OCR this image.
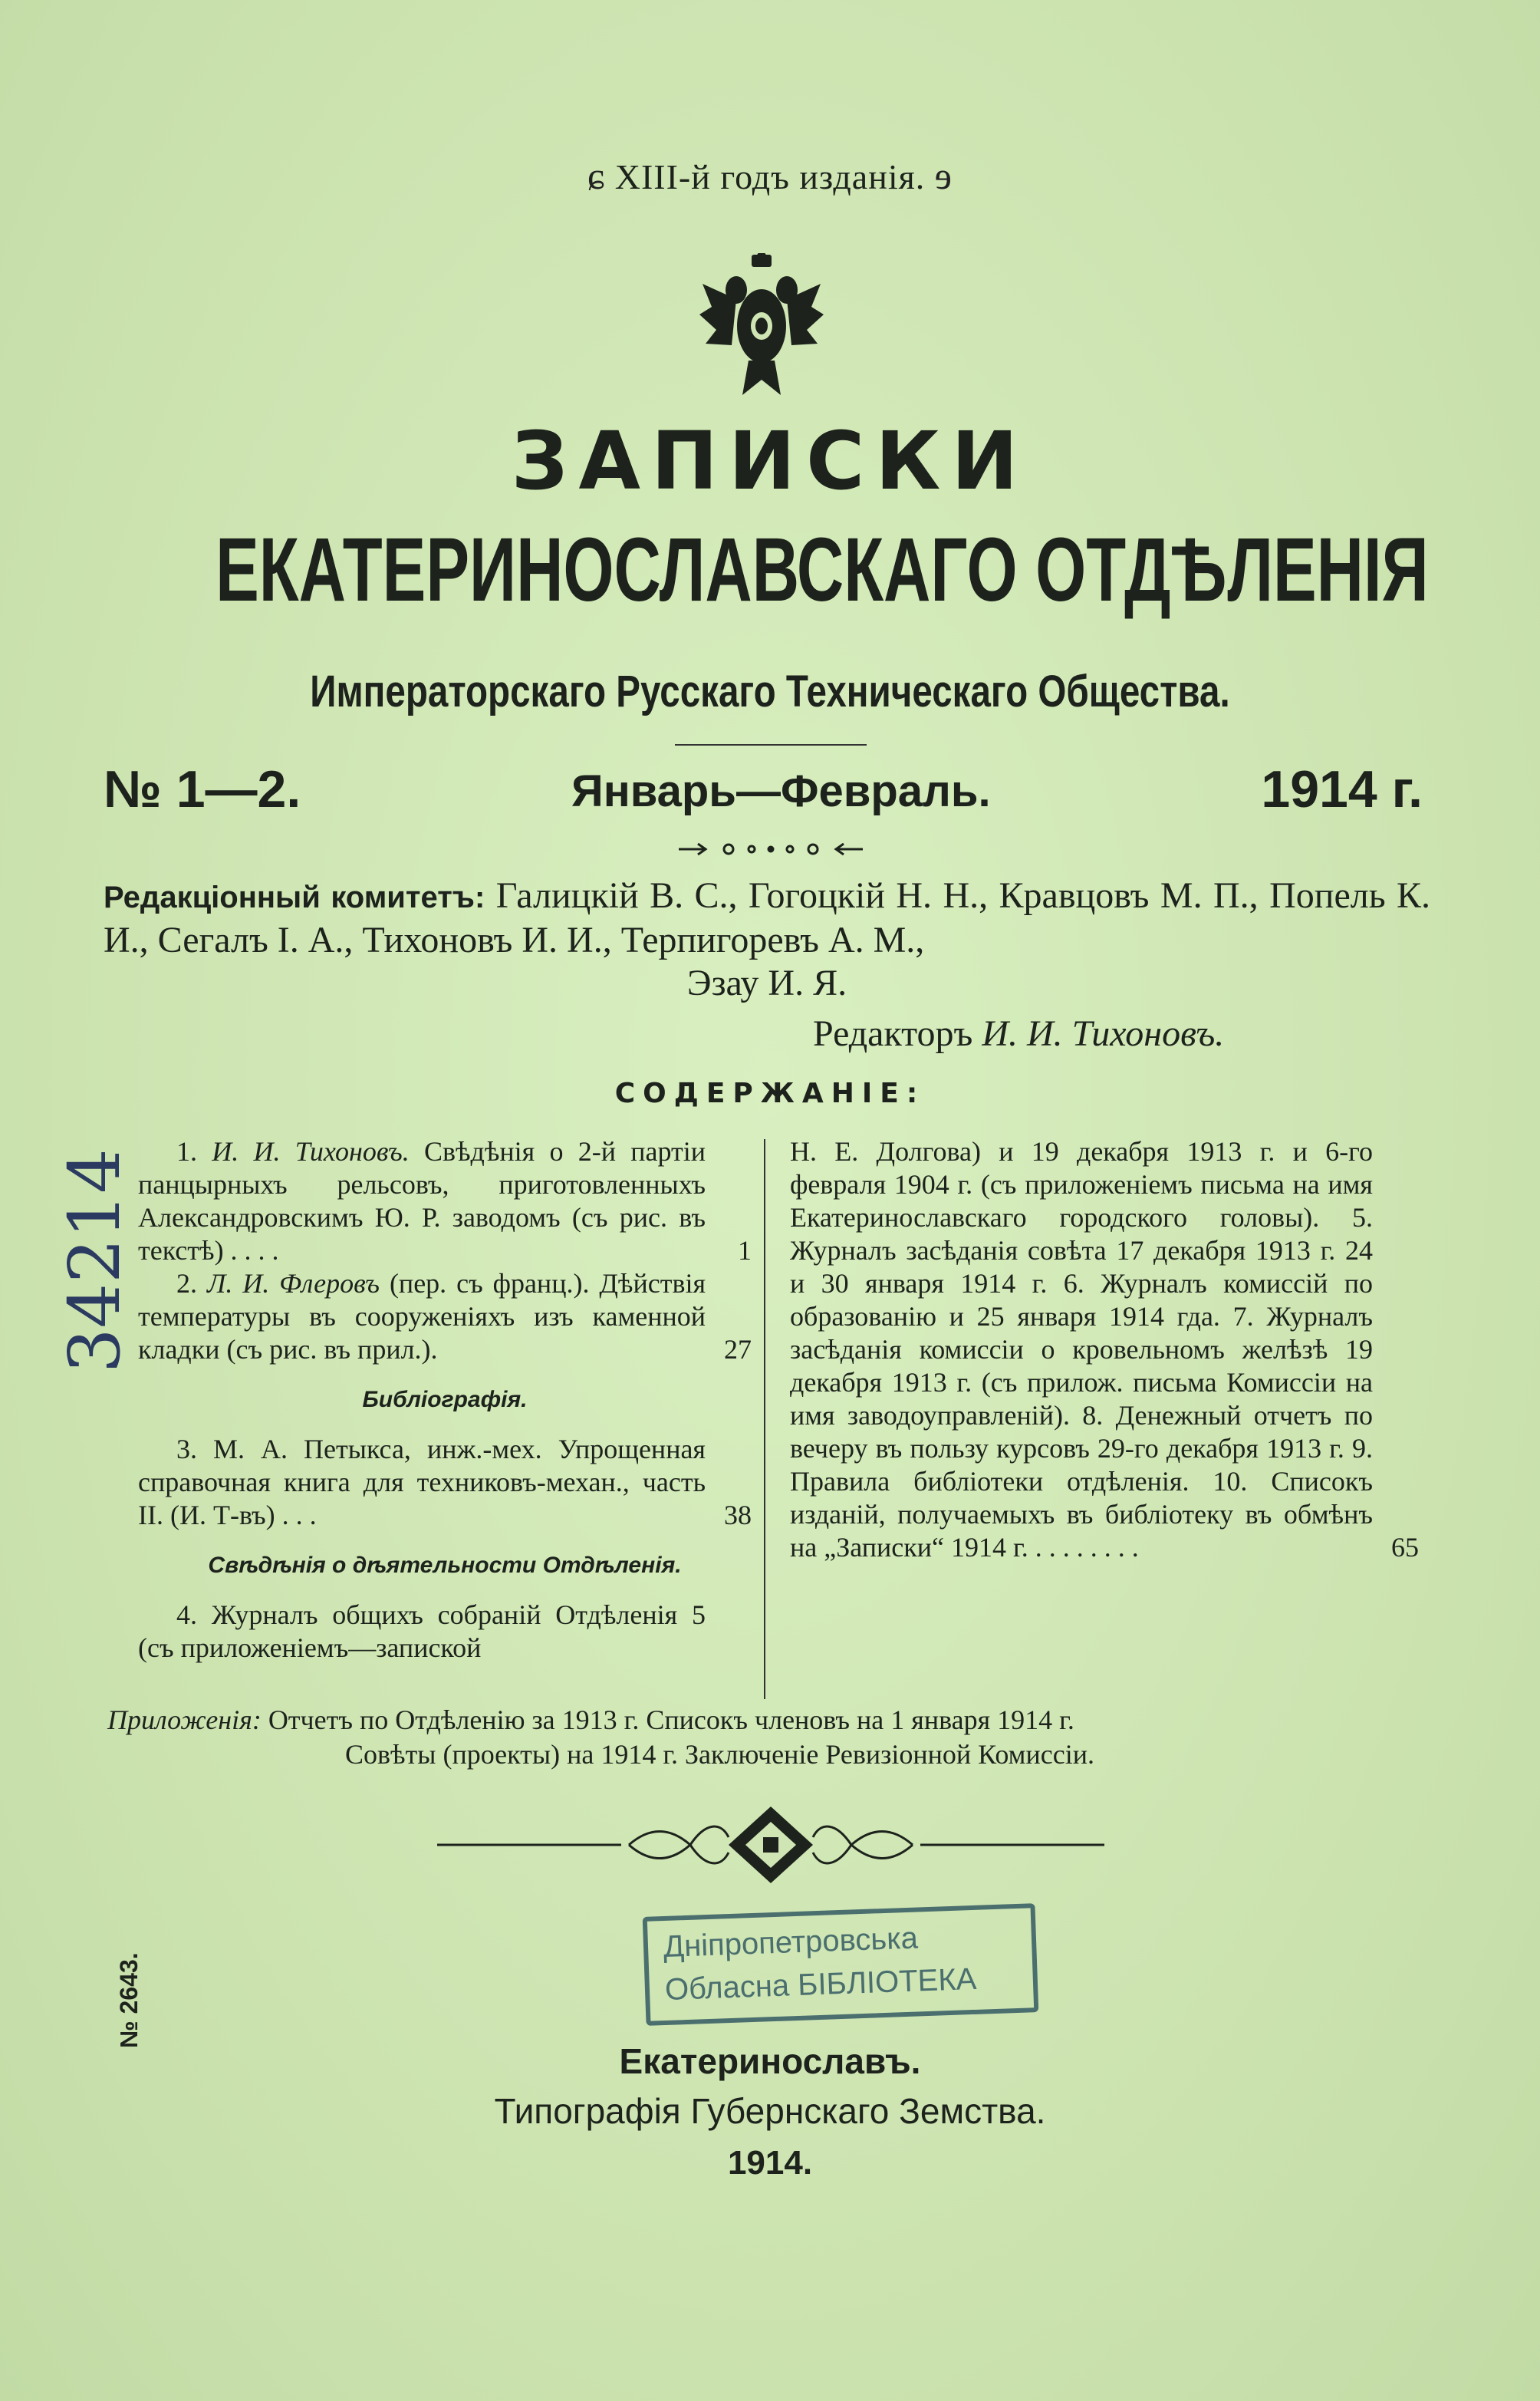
ɕ XIII-й годъ изданія. ɘ
ЗАПИСКИ
ЕКАТЕРИНОСЛАВСКАГО ОТДѢЛЕНІЯ
Императорскаго Русскаго Техническаго Общества.
№ 1—2.	Январь—Февраль.	1914 г.
Редакціонный комитетъ: Галицкій В. С., Гогоцкій Н. Н., Кравцовъ М. П., Попель К. И., Сегалъ І. А., Тихоновъ И. И., Терпигоревъ А. М.,
Эзау И. Я.
Редакторъ И. И. Тихоновъ.
СОДЕРЖАНІЕ:
1. И. И. Тихоновъ. Свѣдѣнія о 2-й партіи панцырныхъ рельсовъ, приготовленныхъ Александровскимъ Ю. Р. заводомъ (съ рис. въ текстѣ) . . . .	1
2. Л. И. Флеровъ (пер. съ франц.). Дѣйствія температуры въ сооруженіяхъ изъ каменной кладки (съ рис. въ прил.).	27
Библіографія.
3. М. А. Петыкса, инж.-мех. Упрощенная справочная книга для техниковъ-механ., часть II. (И. Т-въ) . . .	38
Свѣдѣнія о дѣятельности Отдѣленія.
4. Журналъ общихъ собраній Отдѣленія 5 (съ приложеніемъ—запиской
Н. Е. Долгова) и 19 декабря 1913 г. и 6-го февраля 1904 г. (съ приложеніемъ письма на имя Екатеринославскаго городского головы). 5. Журналъ засѣданія совѣта 17 декабря 1913 г. 24 и 30 января 1914 г. 6. Журналъ комиссій по образованію и 25 января 1914 гда. 7. Журналъ засѣданія комиссіи о кровельномъ желѣзѣ 19 декабря 1913 г. (съ прилож. письма Комиссіи на имя заводоуправленій). 8. Денежный отчетъ по вечеру въ пользу курсовъ 29-го декабря 1913 г. 9. Правила библіотеки отдѣленія. 10. Списокъ изданій, получаемыхъ въ библіотеку въ обмѣнъ на „Записки“ 1914 г. . . . . . . . .	65
Приложенія: Отчетъ по Отдѣленію за 1913 г. Списокъ членовъ на 1 января 1914 г.
Совѣты (проекты) на 1914 г. Заключеніе Ревизіонной Комиссіи.
Дніпропетровська
Обласна БІБЛІОТЕКА
34214
№ 2643.
Екатеринославъ.
Типографія Губернскаго Земства.
1914.
